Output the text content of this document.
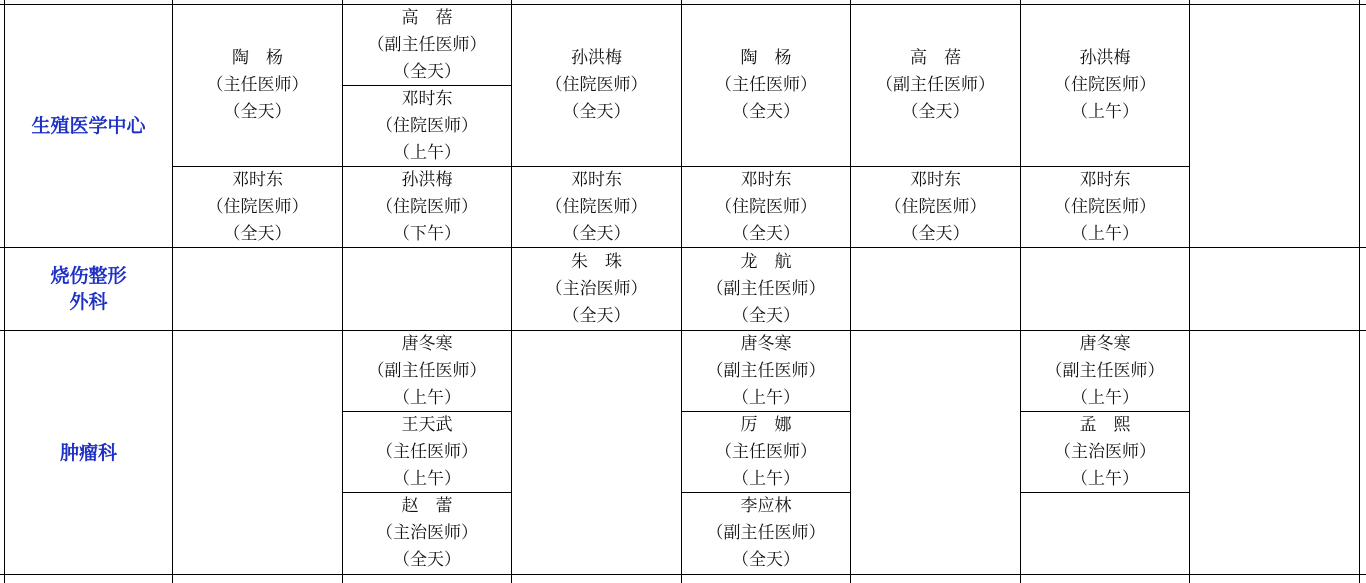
生殖医学中心
陶　杨
（主任医师）
（全天）
高　蓓
（副主任医师）
（全天）
邓时东
（住院医师）
（上午）
孙洪梅
（住院医师）
（全天）
陶　杨
（主任医师）
（全天）
高　蓓
（副主任医师）
（全天）
孙洪梅
（住院医师）
（上午）
邓时东
（住院医师）
（全天）
孙洪梅
（住院医师）
（下午）
邓时东
（住院医师）
（全天）
邓时东
（住院医师）
（全天）
邓时东
（住院医师）
（全天）
邓时东
（住院医师）
（上午）
烧伤整形
外科
朱　珠
（主治医师）
（全天）
龙　航
（副主任医师）
（全天）
肿瘤科
唐冬寒
（副主任医师）
（上午）
王天武
（主任医师）
（上午）
赵　蕾
（主治医师）
（全天）
唐冬寒
（副主任医师）
（上午）
厉　娜
（主任医师）
（上午）
李应林
（副主任医师）
（全天）
唐冬寒
（副主任医师）
（上午）
孟　熙
（主治医师）
（上午）
